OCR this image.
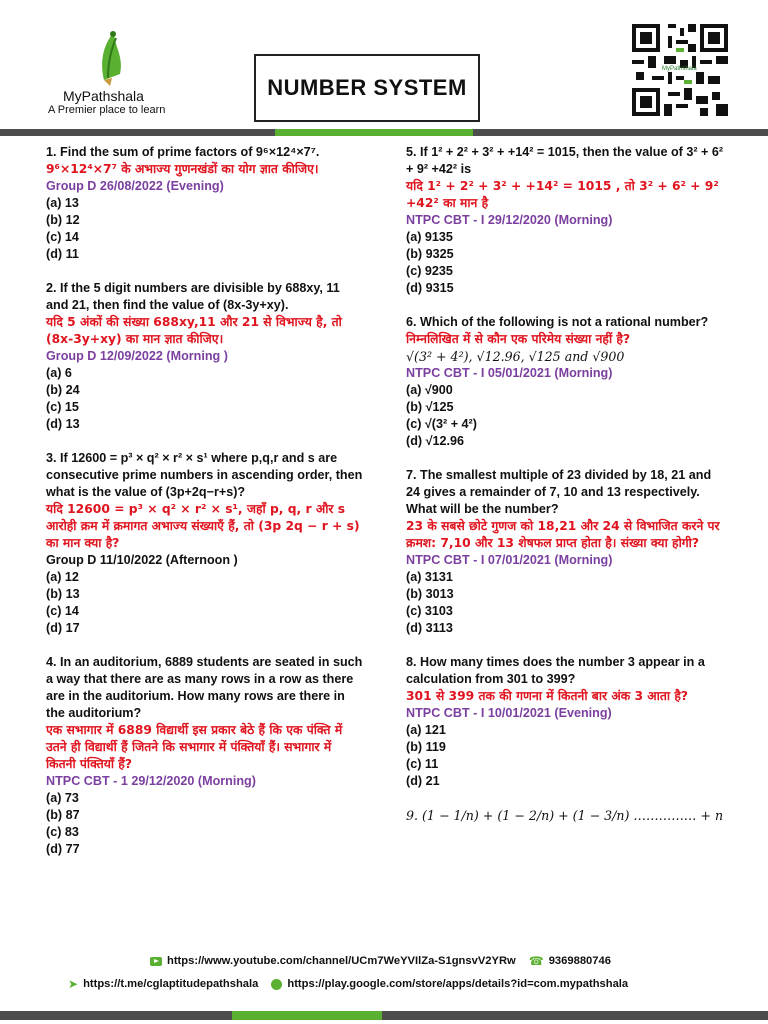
MyPathshala
A Premier place to learn
NUMBER SYSTEM
MyPathshala
1. Find the sum of prime factors of 9⁶×12⁴×7⁷.
9⁶×12⁴×7⁷ के अभाज्य गुणनखंडों का योग ज्ञात कीजिए।
Group D 26/08/2022 (Evening)
(a) 13
(b) 12
(c) 14
(d) 11
2. If the 5 digit numbers are divisible by 688xy, 11 and 21, then find the value of (8x-3y+xy).
यदि 5 अंकों की संख्या 688xy,11 और 21 से विभाज्य है, तो (8x-3y+xy) का मान ज्ञात कीजिए।
Group D 12/09/2022 (Morning )
(a) 6
(b) 24
(c) 15
(d) 13
3. If 12600 = p³ × q² × r² × s¹ where p,q,r and s are consecutive prime numbers in ascending order, then what is the value of (3p+2q−r+s)?
यदि 12600 = p³ × q² × r² × s¹, जहाँ p, q, r और s आरोही क्रम में क्रमागत अभाज्य संख्याएँ हैं, तो (3p 2q − r + s) का मान क्या है?
Group D 11/10/2022 (Afternoon )
(a) 12
(b) 13
(c) 14
(d) 17
4. In an auditorium, 6889 students are seated in such a way that there are as many rows in a row as there are in the auditorium. How many rows are there in the auditorium?
एक सभागार में 6889 विद्यार्थी इस प्रकार बेठे हैं कि एक पंक्ति में उतने ही विद्यार्थी हैं जितने कि सभागार में पंक्तियाँ हैं। सभागार में कितनी पंक्तियाँ हैं?
NTPC CBT - 1 29/12/2020 (Morning)
(a) 73
(b) 87
(c) 83
(d) 77
5. If 1² + 2² + 3² + +14² = 1015, then the value of 3² + 6² + 9² +42² is
यदि 1² + 2² + 3² + +14² = 1015 , तो 3² + 6² + 9² +42² का मान है
NTPC CBT - I 29/12/2020 (Morning)
(a) 9135
(b) 9325
(c) 9235
(d) 9315
6. Which of the following is not a rational number?
निम्नलिखित में से कौन एक परिमेय संख्या नहीं है?
√(3² + 4²), √12.96, √125 and √900
NTPC CBT - I 05/01/2021 (Morning)
(a) √900
(b) √125
(c) √(3² + 4²)
(d) √12.96
7. The smallest multiple of 23 divided by 18, 21 and 24 gives a remainder of 7, 10 and 13 respectively. What will be the number?
23 के सबसे छोटे गुणज को 18,21 और 24 से विभाजित करने पर क्रमश: 7,10 और 13 शेषफल प्राप्त होता है। संख्या क्या होगी?
NTPC CBT - I 07/01/2021 (Morning)
(a) 3131
(b) 3013
(c) 3103
(d) 3113
8. How many times does the number 3 appear in a calculation from 301 to 399?
301 से 399 तक की गणना में कितनी बार अंक 3 आता है?
NTPC CBT - I 10/01/2021 (Evening)
(a) 121
(b) 119
(c) 11
(d) 21
9. (1 − 1/n) + (1 − 2/n) + (1 − 3/n) …………… + n
https://www.youtube.com/channel/UCm7WeYVIlZa-S1gnsvV2YRw ☎ 9369880746
➤ https://t.me/cglaptitudepathshala	https://play.google.com/store/apps/details?id=com.mypathshala
